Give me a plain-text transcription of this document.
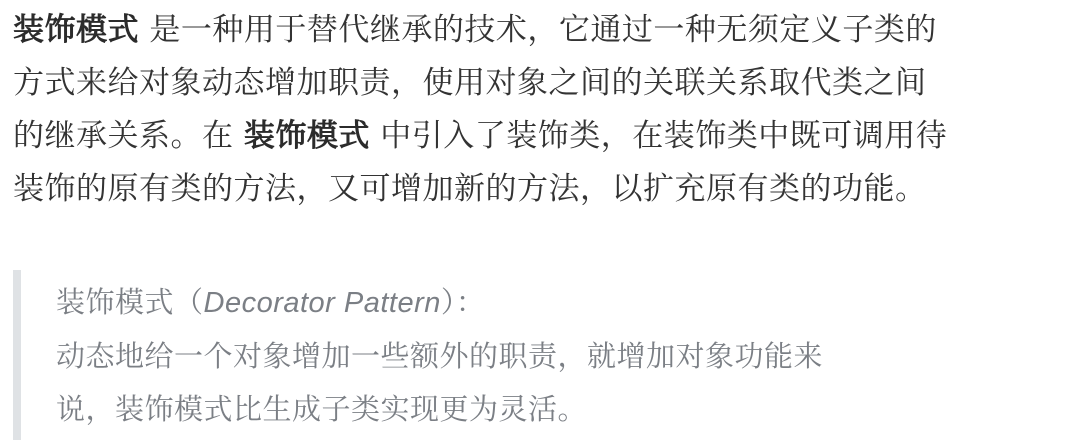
装饰模式 是一种用于替代继承的技术，它通过一种无须定义子类的
方式来给对象动态增加职责，使用对象之间的关联关系取代类之间
的继承关系。在 装饰模式 中引入了装饰类，在装饰类中既可调用待
装饰的原有类的方法，又可增加新的方法，以扩充原有类的功能。

装饰模式（Decorator Pattern）：
动态地给一个对象增加一些额外的职责，就增加对象功能来
说，装饰模式比生成子类实现更为灵活。
